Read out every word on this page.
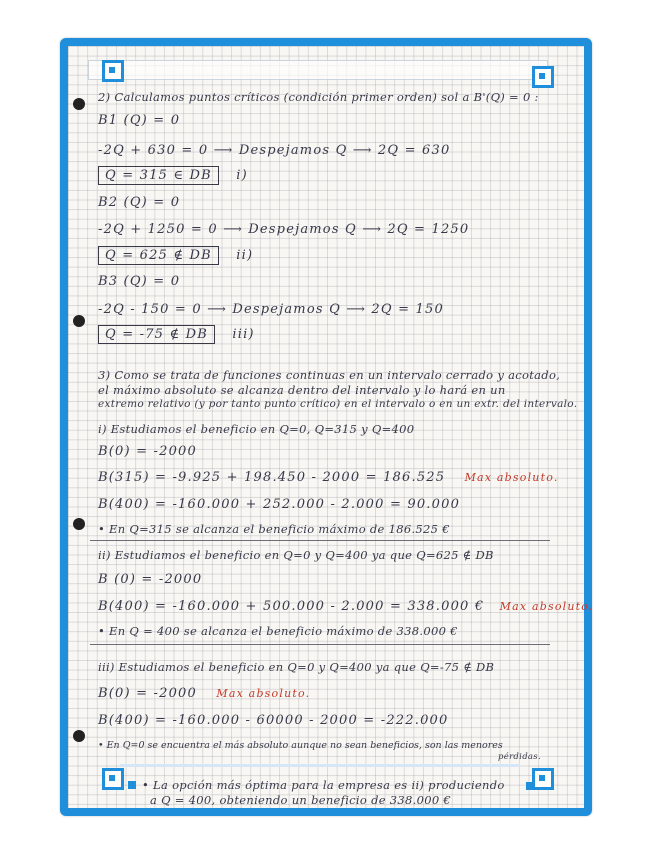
2) Calculamos puntos críticos (condición primer orden) sol a B'(Q) = 0 :
B1 (Q) = 0
-2Q + 630 = 0 ⟶ Despejamos Q ⟶ 2Q = 630
Q = 315 ∈ DB i)
B2 (Q) = 0
-2Q + 1250 = 0 ⟶ Despejamos Q ⟶ 2Q = 1250
Q = 625 ∉ DB ii)
B3 (Q) = 0
-2Q - 150 = 0 ⟶ Despejamos Q ⟶ 2Q = 150
Q = -75 ∉ DB iii)
3) Como se trata de funciones continuas en un intervalo cerrado y acotado,
el máximo absoluto se alcanza dentro del intervalo y lo hará en un
extremo relativo (y por tanto punto crítico) en el intervalo o en un extr. del intervalo.
i) Estudiamos el beneficio en Q=0, Q=315 y Q=400
B(0) = -2000
B(315) = -9.925 + 198.450 - 2000 = 186.525 Max absoluto.
B(400) = -160.000 + 252.000 - 2.000 = 90.000
• En Q=315 se alcanza el beneficio máximo de 186.525 €
ii) Estudiamos el beneficio en Q=0 y Q=400 ya que Q=625 ∉ DB
B (0) = -2000
B(400) = -160.000 + 500.000 - 2.000 = 338.000 € Max absoluto.
• En Q = 400 se alcanza el beneficio máximo de 338.000 €
iii) Estudiamos el beneficio en Q=0 y Q=400 ya que Q=-75 ∉ DB
B(0) = -2000 Max absoluto.
B(400) = -160.000 - 60000 - 2000 = -222.000
• En Q=0 se encuentra el más absoluto aunque no sean beneficios, son las menores
pérdidas.
• La opción más óptima para la empresa es ii) produciendo
a Q = 400, obteniendo un beneficio de 338.000 €
